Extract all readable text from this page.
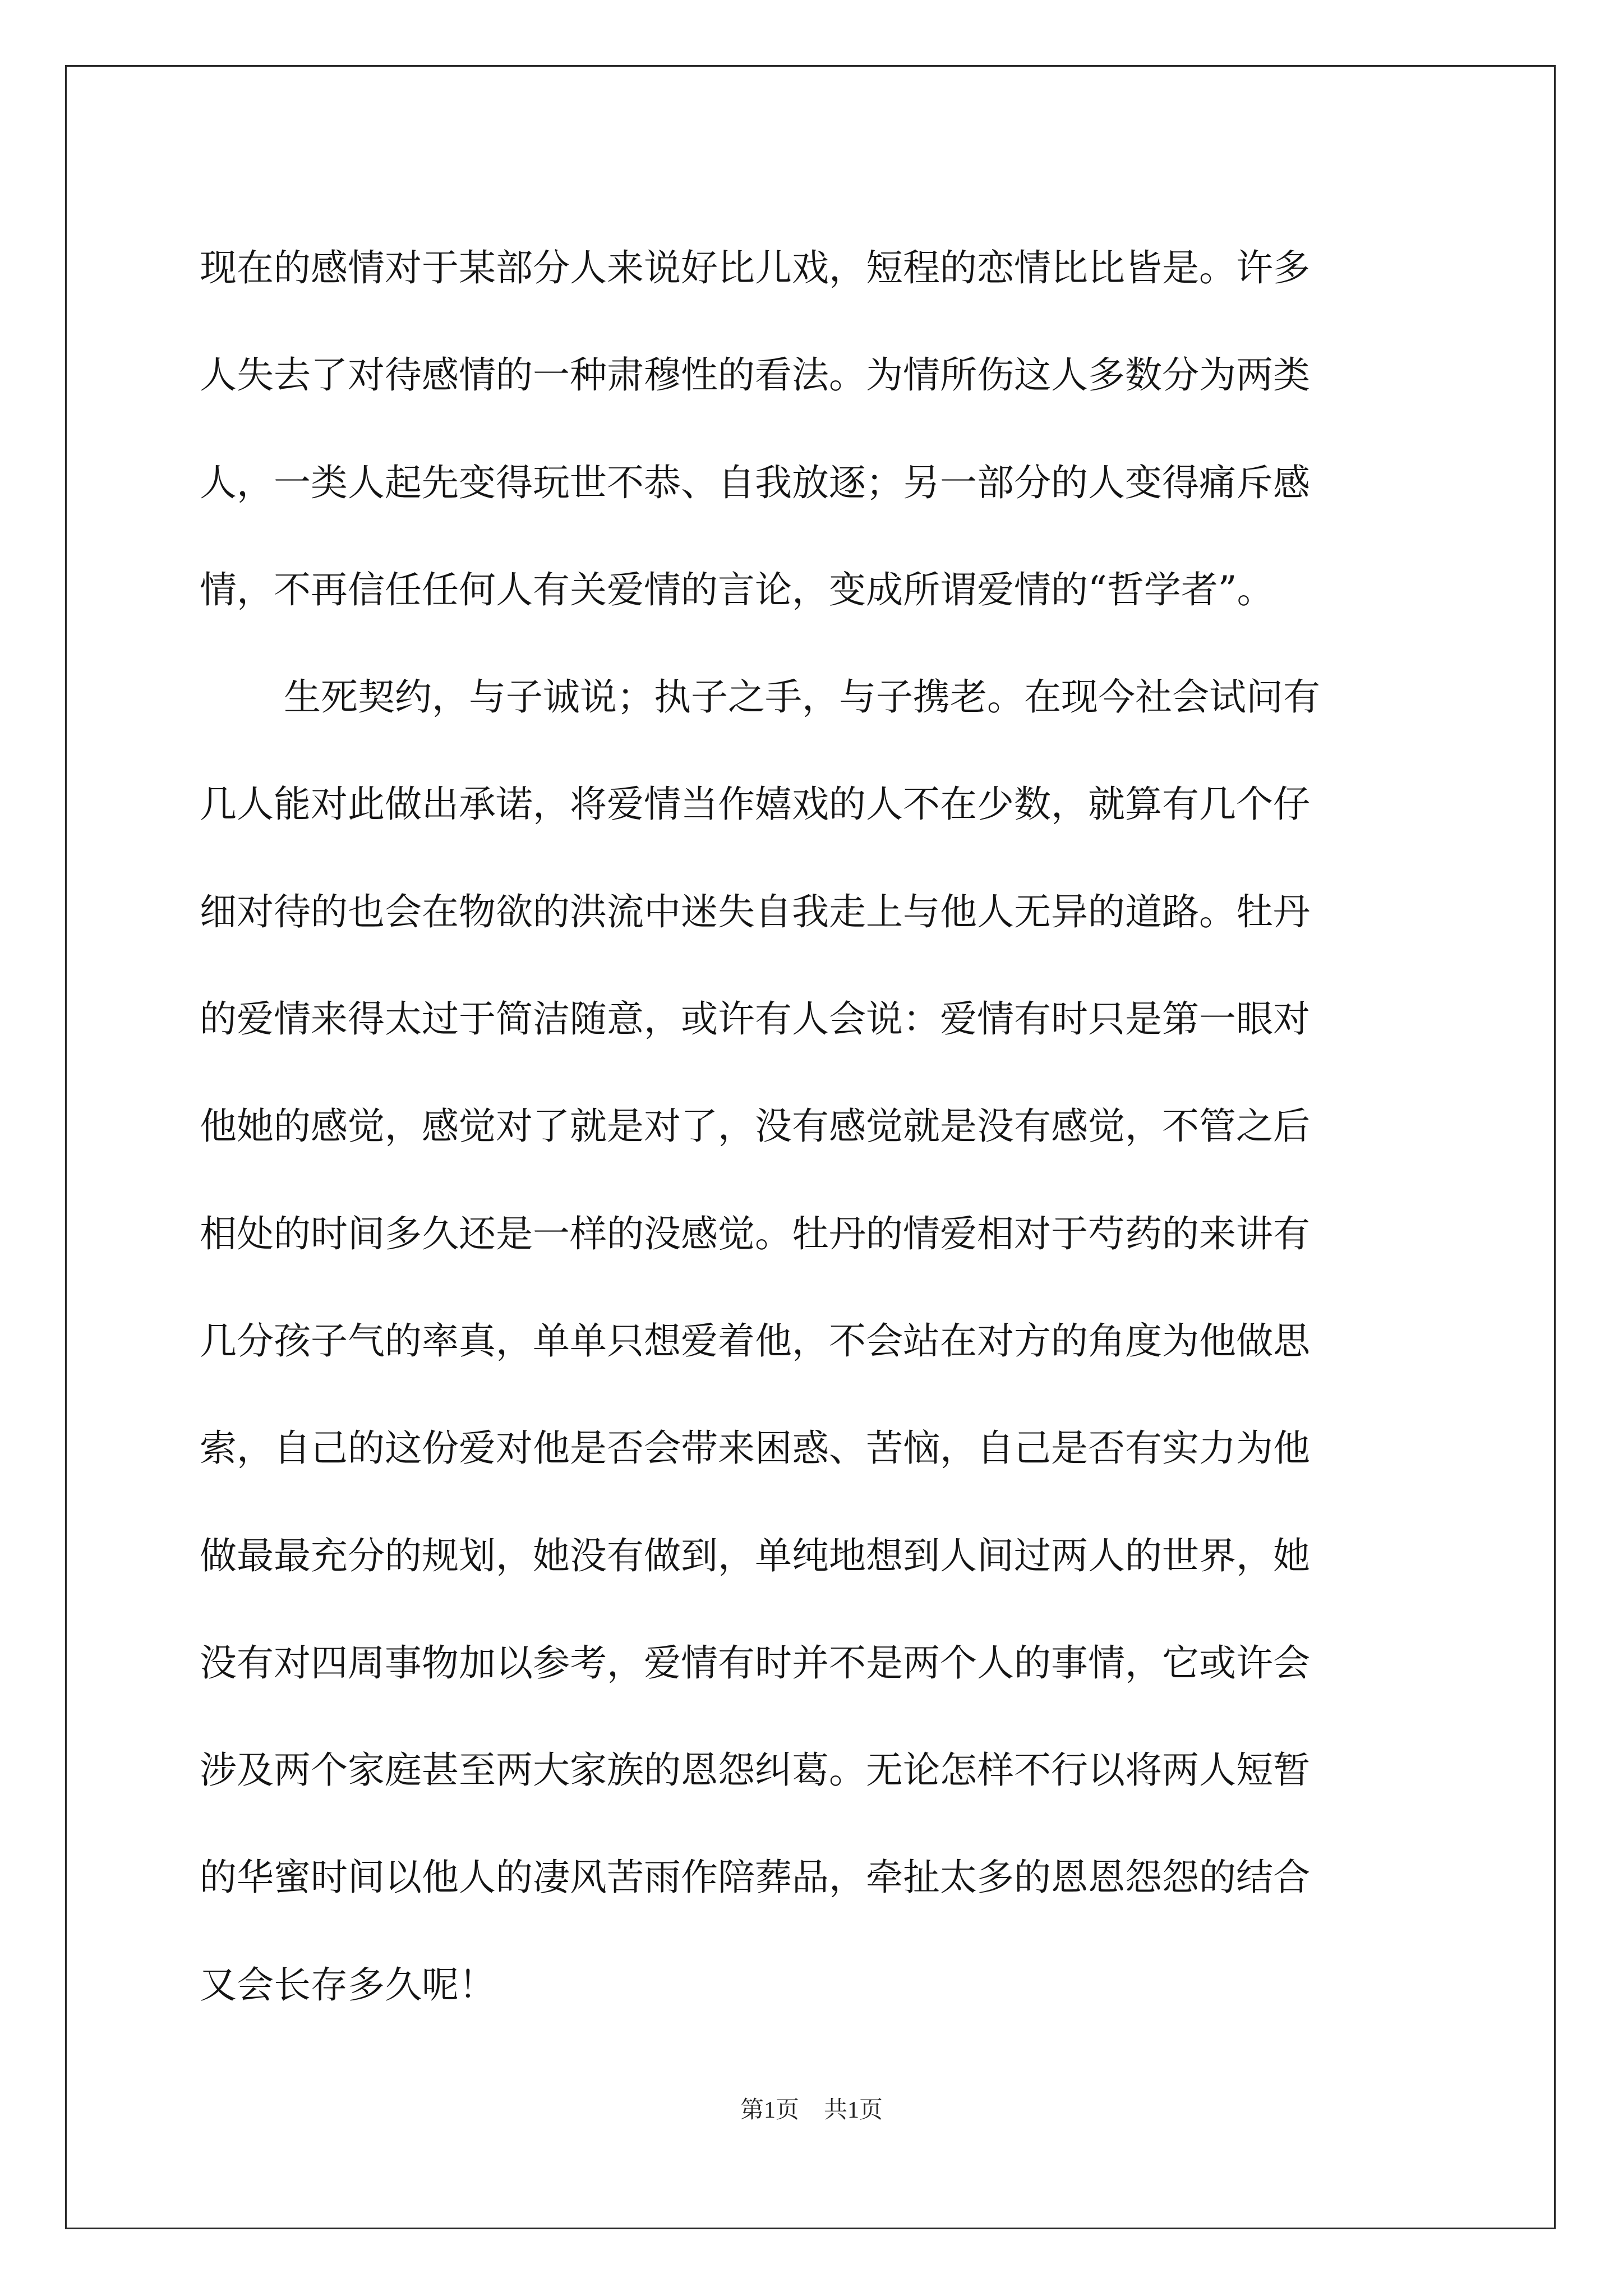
现在的感情对于某部分人来说好比儿戏，短程的恋情比比皆是。许多
人失去了对待感情的一种肃穆性的看法。为情所伤这人多数分为两类
人，一类人起先变得玩世不恭、自我放逐；另一部分的人变得痛斥感
情，不再信任任何人有关爱情的言论，变成所谓爱情的“哲学者”。
生死契约，与子诚说；执子之手，与子携老。在现今社会试问有
几人能对此做出承诺，将爱情当作嬉戏的人不在少数，就算有几个仔
细对待的也会在物欲的洪流中迷失自我走上与他人无异的道路。牡丹
的爱情来得太过于简洁随意，或许有人会说：爱情有时只是第一眼对
他她的感觉，感觉对了就是对了，没有感觉就是没有感觉，不管之后
相处的时间多久还是一样的没感觉。牡丹的情爱相对于芍药的来讲有
几分孩子气的率真，单单只想爱着他，不会站在对方的角度为他做思
索，自己的这份爱对他是否会带来困惑、苦恼，自己是否有实力为他
做最最充分的规划，她没有做到，单纯地想到人间过两人的世界，她
没有对四周事物加以参考，爱情有时并不是两个人的事情，它或许会
涉及两个家庭甚至两大家族的恩怨纠葛。无论怎样不行以将两人短暂
的华蜜时间以他人的凄风苦雨作陪葬品，牵扯太多的恩恩怨怨的结合
又会长存多久呢！
第1页 共1页
